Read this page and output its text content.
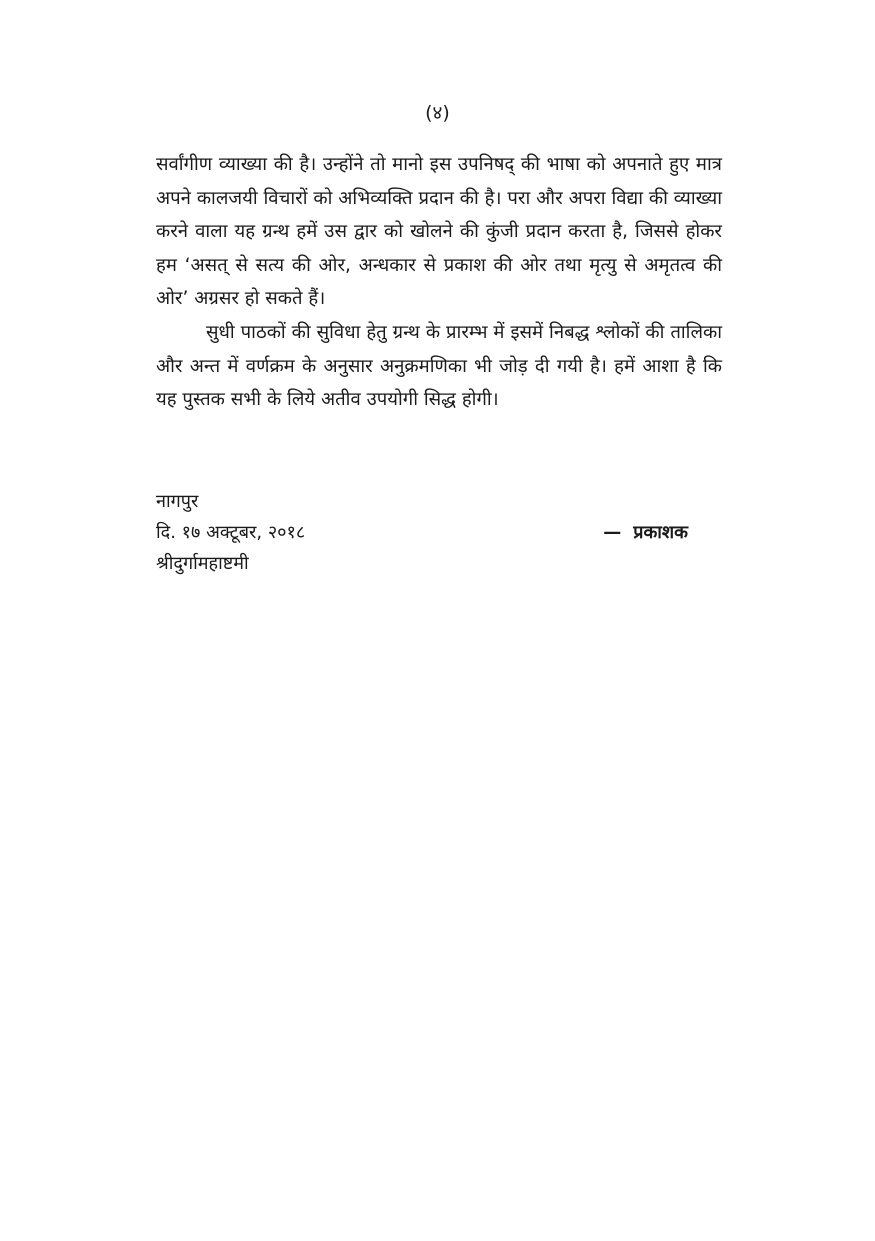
(४)

सर्वांगीण व्याख्या की है। उन्होंने तो मानो इस उपनिषद् की भाषा को अपनाते हुए मात्र अपने कालजयी विचारों को अभिव्यक्ति प्रदान की है। परा और अपरा विद्या की व्याख्या करने वाला यह ग्रन्थ हमें उस द्वार को खोलने की कुंजी प्रदान करता है, जिससे होकर हम ‘असत् से सत्य की ओर, अन्धकार से प्रकाश की ओर तथा मृत्यु से अमृतत्व की ओर’ अग्रसर हो सकते हैं।

सुधी पाठकों की सुविधा हेतु ग्रन्थ के प्रारम्भ में इसमें निबद्ध श्लोकों की तालिका और अन्त में वर्णक्रम के अनुसार अनुक्रमणिका भी जोड़ दी गयी है। हमें आशा है कि यह पुस्तक सभी के लिये अतीव उपयोगी सिद्ध होगी।

नागपुर
दि. १७ अक्टूबर, २०१८	— प्रकाशक
श्रीदुर्गामहाष्टमी
